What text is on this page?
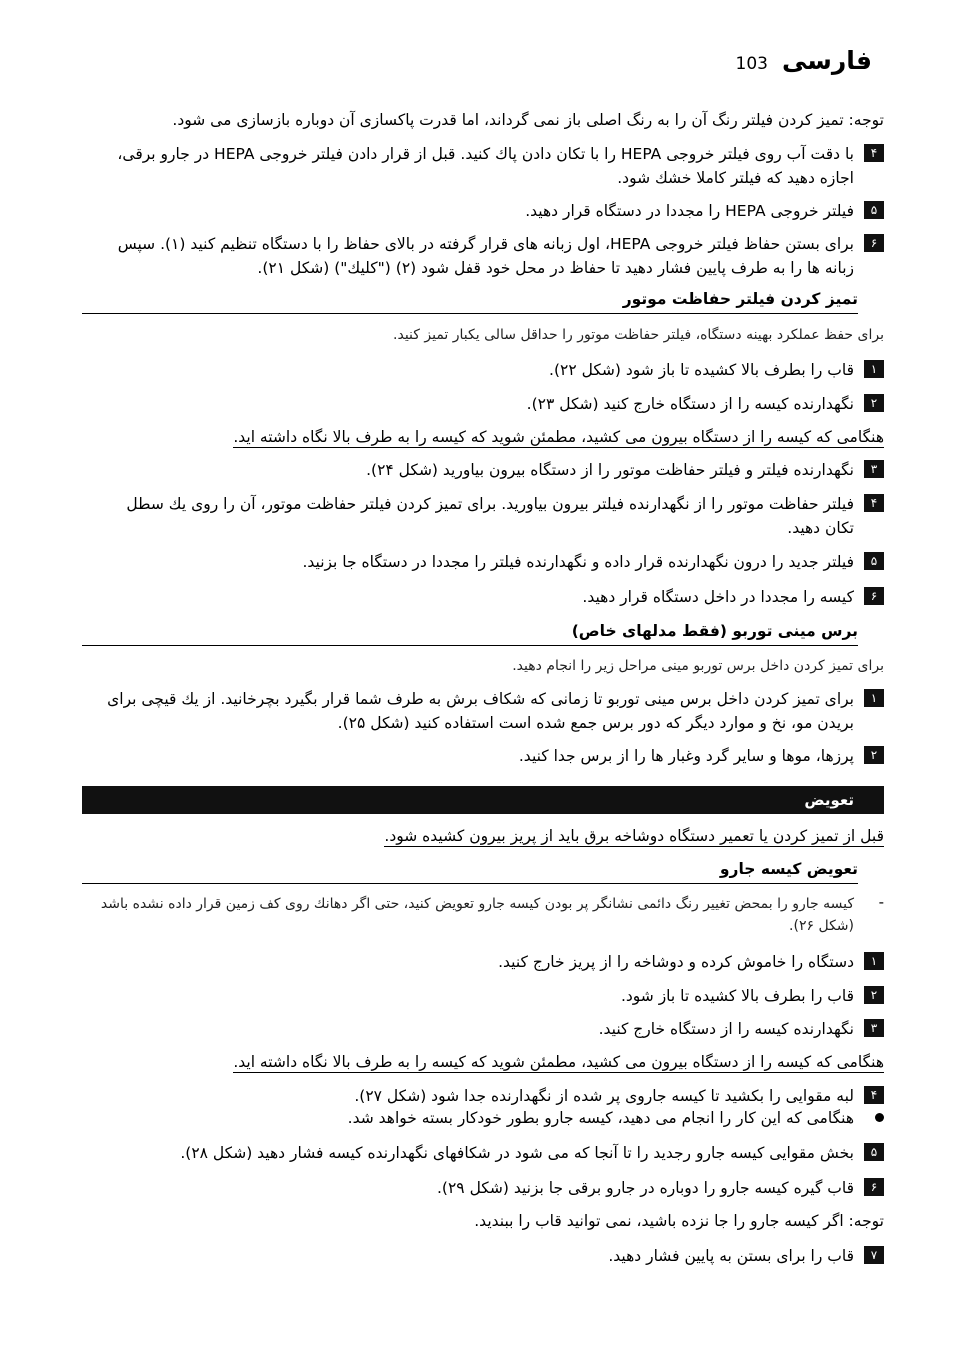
فارسی
103
توجه: تمیز کردن فیلتر رنگ آن را به رنگ اصلی باز نمی گرداند، اما قدرت پاکسازی آن دوباره بازسازی می شود.
۴
با دقت آب روی فیلتر خروجی HEPA را با تکان دادن پاك کنید. قبل از قرار دادن فیلتر خروجی HEPA در جارو برقی، اجازه دهید که فیلتر کاملا خشك شود.
۵
فیلتر خروجی HEPA را مجددا در دستگاه قرار دهید.
۶
برای بستن حفاظ فیلتر خروجی HEPA، اول زبانه های قرار گرفته در بالای حفاظ را با دستگاه تنظیم کنید (۱). سپس زبانه ها را به طرف پایین فشار دهید تا حفاظ در محل خود قفل شود (۲) ("کلیك") (شکل ۲۱).
تمیز کردن فیلتر حفاظت موتور
برای حفظ عملکرد بهینه دستگاه، فیلتر حفاظت موتور را حداقل سالی یکبار تمیز کنید.
۱
قاب را بطرف بالا کشیده تا باز شود (شکل ۲۲).
۲
نگهدارنده کیسه را از دستگاه خارج کنید (شکل ۲۳).
هنگامی که کیسه را از دستگاه بیرون می کشید، مطمئن شوید که کیسه را به طرف بالا نگاه داشته اید.
۳
نگهدارنده فیلتر و فیلتر حفاظت موتور را از دستگاه بیرون بیاورید (شکل ۲۴).
۴
فیلتر حفاظت موتور را از نگهدارنده فیلتر بیرون بیاورید. برای تمیز کردن فیلتر حفاظت موتور، آن را روی یك سطل تکان دهید.
۵
فیلتر جدید را درون نگهدارنده قرار داده و نگهدارنده فیلتر را مجددا در دستگاه جا بزنید.
۶
کیسه را مجددا در داخل دستگاه قرار دهید.
برس مینی توربو (فقط مدلهای خاص)
برای تمیز کردن داخل برس توربو مینی مراحل زیر را انجام دهید.
۱
برای تمیز کردن داخل برس مینی توربو تا زمانی که شکاف برش به طرف شما قرار بگیرد بچرخانید. از یك قیچی برای بریدن مو، نخ و موارد دیگر که دور برس جمع شده است استفاده کنید (شکل ۲۵).
۲
پرزها، موها و سایر گرد وغبار ها را از برس جدا کنید.
تعویض
قبل از تمیز کردن یا تعمیر دستگاه دوشاخه برق باید از پریز بیرون کشیده شود.
تعویض کیسه جارو
-
کیسه جارو را بمحض تغییر رنگ دائمی نشانگر پر بودن کیسه جارو تعویض کنید، حتی اگر دهانك روی کف زمین قرار داده نشده باشد (شکل ۲۶).
۱
دستگاه را خاموش کرده و دوشاخه را از پریز خارج کنید.
۲
قاب را بطرف بالا کشیده تا باز شود.
۳
نگهدارنده کیسه را از دستگاه خارج کنید.
هنگامی که کیسه را از دستگاه بیرون می کشید، مطمئن شوید که کیسه را به طرف بالا نگاه داشته اید.
۴
لبه مقوایی را بکشید تا کیسه جاروی پر شده از نگهدارنده جدا شود (شکل ۲۷).
هنگامی که این کار را انجام می دهید، کیسه جارو بطور خودکار بسته خواهد شد.
۵
بخش مقوایی کیسه جارو رجدید را تا آنجا که می شود در شکافهای نگهدارنده کیسه فشار دهید (شکل ۲۸).
۶
قاب گیره کیسه جارو را دوباره در جارو برقی جا بزنید (شکل ۲۹).
توجه: اگر کیسه جارو را جا نزده باشید، نمی توانید قاب را ببندید.
۷
قاب را برای بستن به پایین فشار دهید.
